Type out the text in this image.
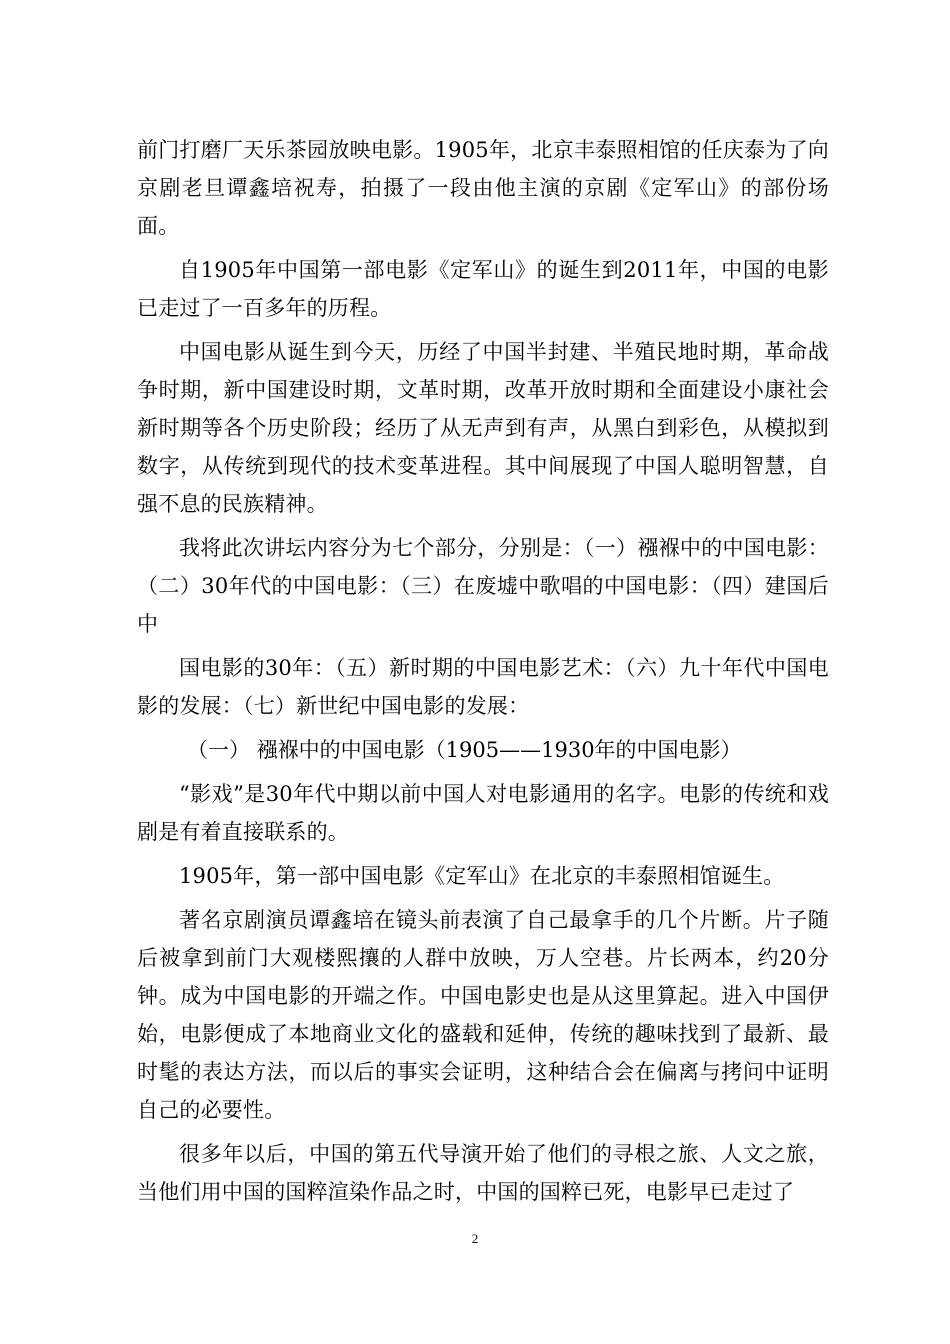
前门打磨厂天乐茶园放映电影。1905年，北京丰泰照相馆的任庆泰为了向京剧老旦谭鑫培祝寿，拍摄了一段由他主演的京剧《定军山》的部份场面。

自1905年中国第一部电影《定军山》的诞生到2011年，中国的电影已走过了一百多年的历程。

中国电影从诞生到今天，历经了中国半封建、半殖民地时期，革命战争时期，新中国建设时期，文革时期，改革开放时期和全面建设小康社会新时期等各个历史阶段；经历了从无声到有声，从黑白到彩色，从模拟到数字，从传统到现代的技术变革进程。其中间展现了中国人聪明智慧，自强不息的民族精神。

我将此次讲坛内容分为七个部分，分别是：（一）襁褓中的中国电影：（二）30年代的中国电影：（三）在废墟中歌唱的中国电影：（四）建国后中

国电影的30年：（五）新时期的中国电影艺术：（六）九十年代中国电影的发展：（七）新世纪中国电影的发展：

（一） 襁褓中的中国电影（1905——1930年的中国电影）

“影戏”是30年代中期以前中国人对电影通用的名字。电影的传统和戏剧是有着直接联系的。

1905年，第一部中国电影《定军山》在北京的丰泰照相馆诞生。

著名京剧演员谭鑫培在镜头前表演了自己最拿手的几个片断。片子随后被拿到前门大观楼熙攘的人群中放映，万人空巷。片长两本，约20分钟。成为中国电影的开端之作。中国电影史也是从这里算起。进入中国伊始，电影便成了本地商业文化的盛载和延伸，传统的趣味找到了最新、最时髦的表达方法，而以后的事实会证明，这种结合会在偏离与拷问中证明自己的必要性。

很多年以后，中国的第五代导演开始了他们的寻根之旅、人文之旅，当他们用中国的国粹渲染作品之时，中国的国粹已死，电影早已走过了

2
